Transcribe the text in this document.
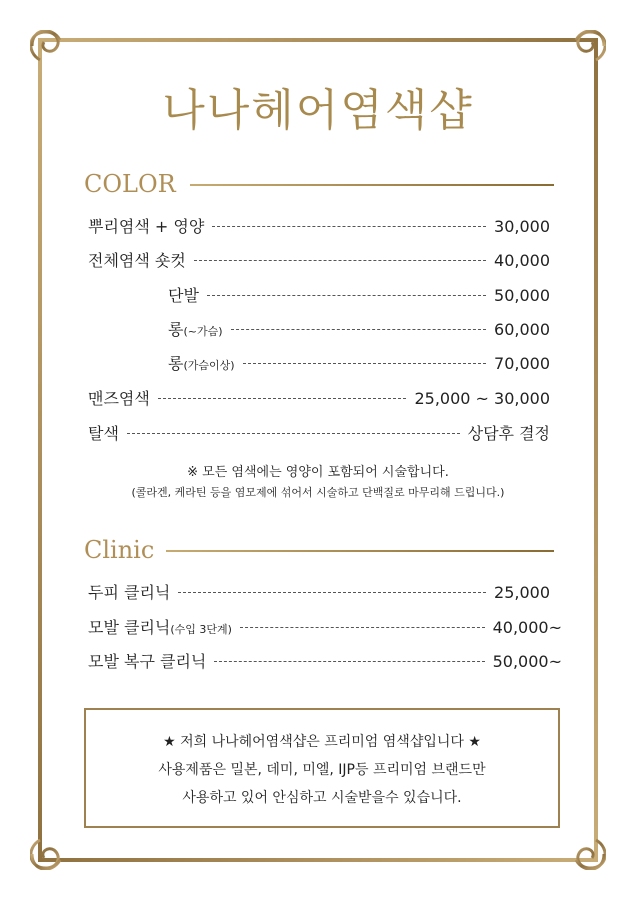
나나헤어염색샵
COLOR
뿌리염색 + 영양	30,000
전체염색 숏컷	40,000
단발	50,000
롱(~가슴)	60,000
롱(가슴이상)	70,000
맨즈염색	25,000 ~ 30,000
탈색	상담후 결정
※ 모든 염색에는 영양이 포함되어 시술합니다.
(콜라겐, 케라틴 등을 염모제에 섞어서 시술하고 단백질로 마무리해 드립니다.)
Clinic
두피 클리닉	25,000
모발 클리닉(수입 3단계)	40,000~
모발 복구 클리닉	50,000~
★ 저희 나나헤어염색샵은 프리미엄 염색샵입니다 ★
사용제품은 밀본, 데미, 미엘, IJP등 프리미엄 브랜드만
사용하고 있어 안심하고 시술받을수 있습니다.
